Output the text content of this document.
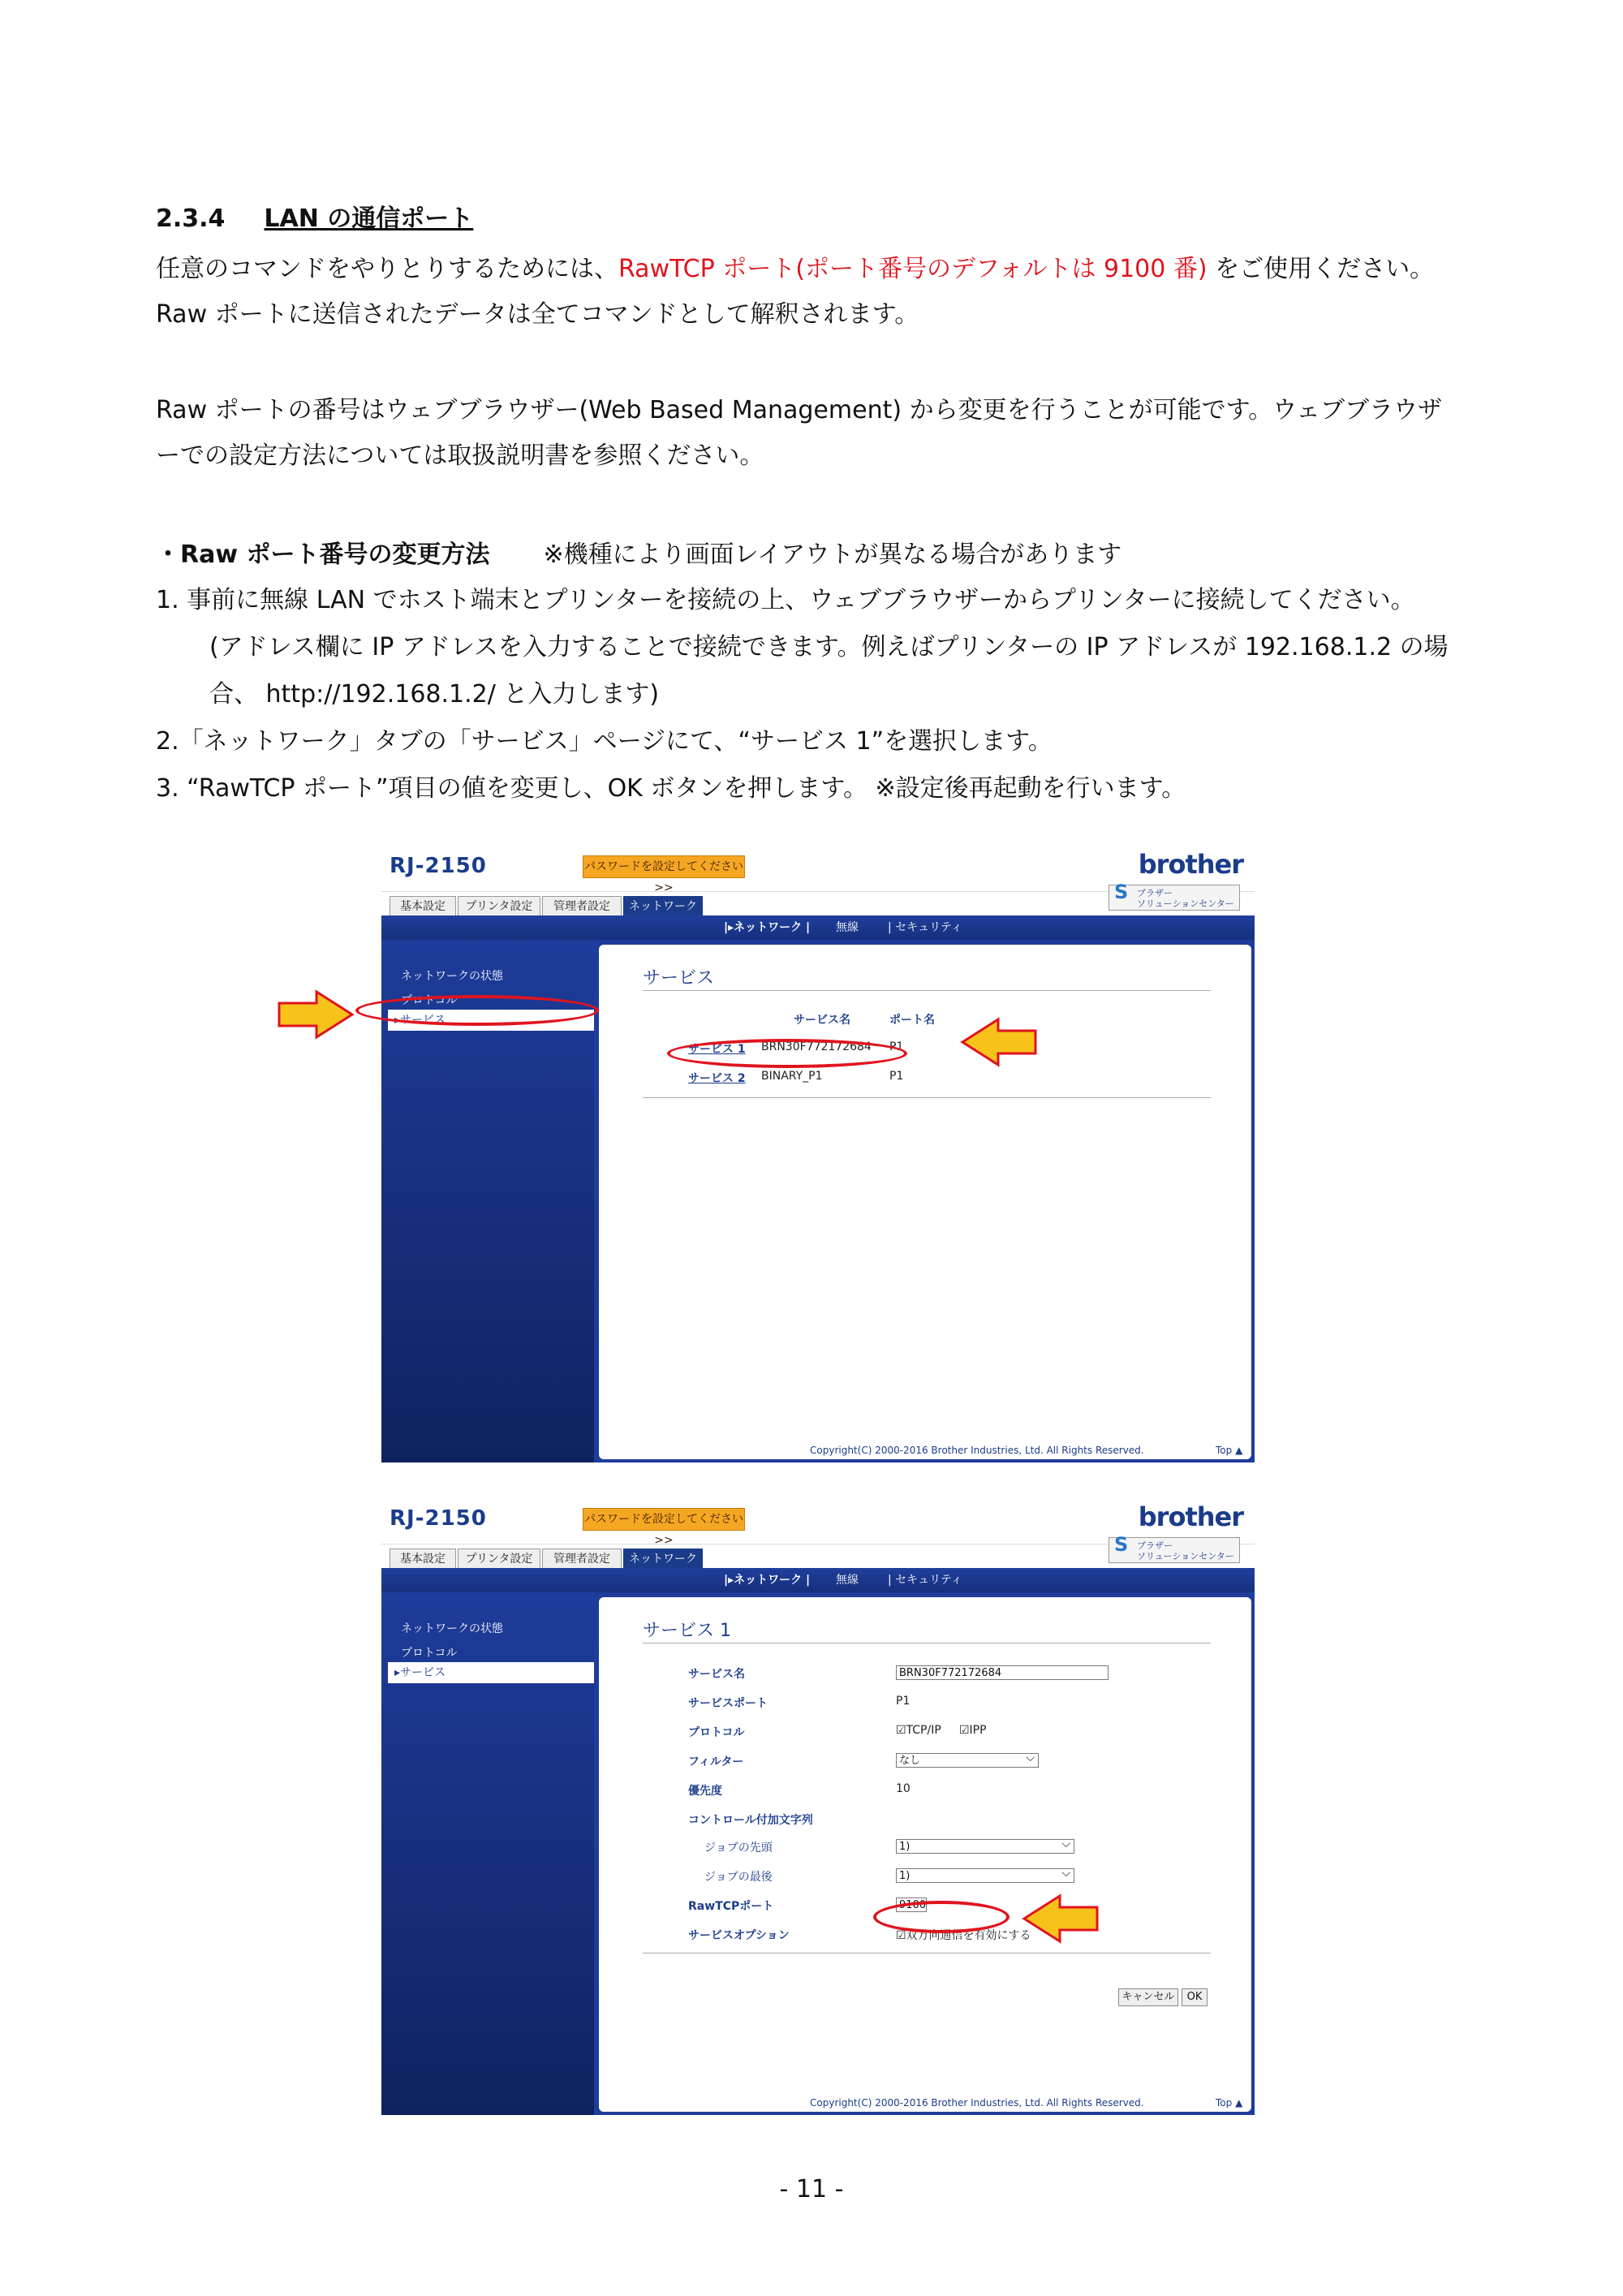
2.3.4 LAN の通信ポート
任意のコマンドをやりとりするためには、RawTCP ポート(ポート番号のデフォルトは 9100 番) をご使用ください。
Raw ポートに送信されたデータは全てコマンドとして解釈されます。
Raw ポートの番号はウェブブラウザー(Web Based Management) から変更を行うことが可能です。ウェブブラウザ
ーでの設定方法については取扱説明書を参照ください。
・Raw ポート番号の変更方法 ※機種により画面レイアウトが異なる場合があります
1. 事前に無線 LAN でホスト端末とプリンターを接続の上、ウェブブラウザーからプリンターに接続してください。
(アドレス欄に IP アドレスを入力することで接続できます。例えばプリンターの IP アドレスが 192.168.1.2 の場
合、 http://192.168.1.2/ と入力します)
2.「ネットワーク」タブの「サービス」ページにて、“サービス 1”を選択します。
3. “RawTCP ポート”項目の値を変更し、OK ボタンを押します。 ※設定後再起動を行います。
RJ-2150	パスワードを設定してください>>
brother
S ブラザー
ソリューションセンター
基本設定	プリンタ設定	管理者設定	ネットワーク
|▸ネットワーク | 無線	| セキュリティ
ネットワークの状態
プロトコル
▸サービス
サービス
サービス名	ポート名
サービス 1 BRN30F772172684 P1
サービス 2 BINARY_P1	P1
Copyright(C) 2000-2016 Brother Industries, Ltd. All Rights Reserved.	Top ▲
RJ-2150	パスワードを設定してください>>
brother
S ブラザー
ソリューションセンター
基本設定	プリンタ設定	管理者設定	ネットワーク
|▸ネットワーク | 無線	| セキュリティ
ネットワークの状態
プロトコル
▸サービス
サービス 1
サービス名	BRN30F772172684
サービスポート	P1
プロトコル	☑TCP/IP ☑IPP
フィルター	なし ⌵
優先度	10
コントロール付加文字列
ジョブの先頭	1) ⌵
ジョブの最後	1) ⌵
RawTCPポート	9100
サービスオプション	☑双方向通信を有効にする
キャンセル	OK
Copyright(C) 2000-2016 Brother Industries, Ltd. All Rights Reserved.	Top ▲
- 11 -
